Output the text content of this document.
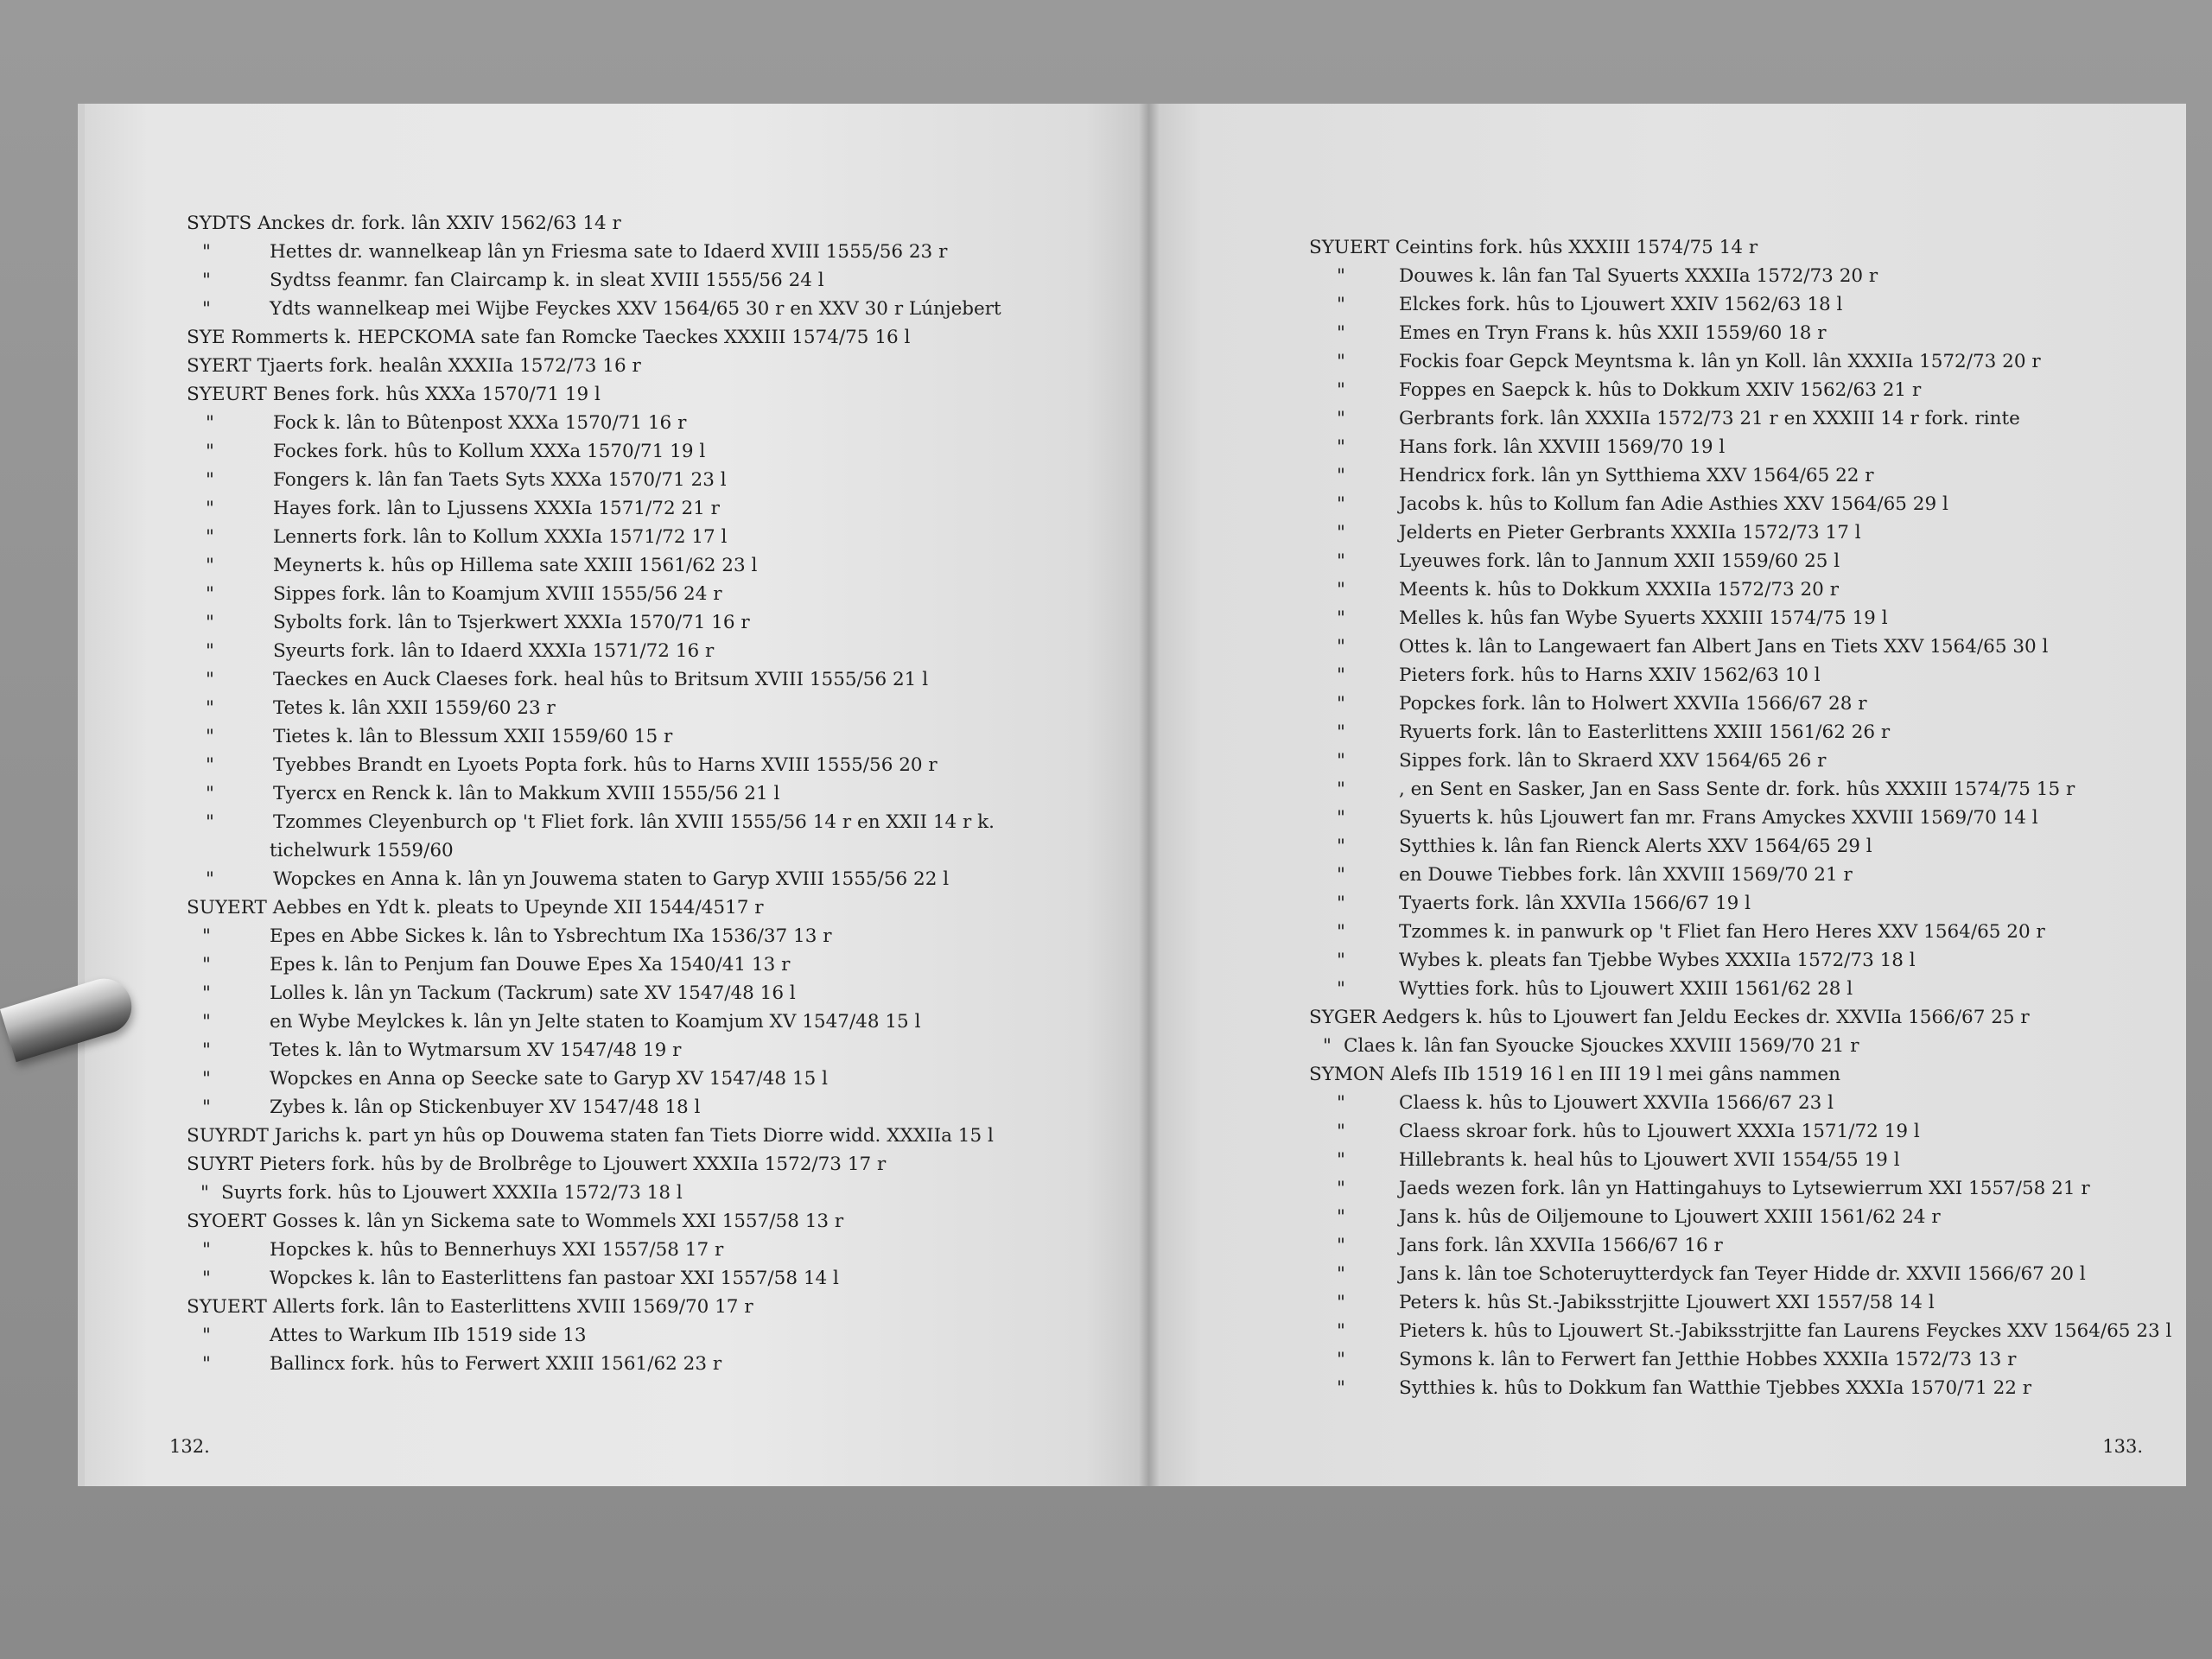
SYDTS Anckes dr. fork. lân XXIV 1562/63 14 r
"	Hettes dr. wannelkeap lân yn Friesma sate to Idaerd XVIII 1555/56 23 r
"	Sydtss feanmr. fan Claircamp k. in sleat XVIII 1555/56 24 l
"	Ydts wannelkeap mei Wijbe Feyckes XXV 1564/65 30 r en XXV 30 r Lúnjebert
SYE Rommerts k. HEPCKOMA sate fan Romcke Taeckes XXXIII 1574/75 16 l
SYERT Tjaerts fork. healân XXXIIa 1572/73 16 r
SYEURT Benes fork. hûs XXXa 1570/71 19 l
"	Fock k. lân to Bûtenpost XXXa 1570/71 16 r
"	Fockes fork. hûs to Kollum XXXa 1570/71 19 l
"	Fongers k. lân fan Taets Syts XXXa 1570/71 23 l
"	Hayes fork. lân to Ljussens XXXIa 1571/72 21 r
"	Lennerts fork. lân to Kollum XXXIa 1571/72 17 l
"	Meynerts k. hûs op Hillema sate XXIII 1561/62 23 l
"	Sippes fork. lân to Koamjum XVIII 1555/56 24 r
"	Sybolts fork. lân to Tsjerkwert XXXIa 1570/71 16 r
"	Syeurts fork. lân to Idaerd XXXIa 1571/72 16 r
"	Taeckes en Auck Claeses fork. heal hûs to Britsum XVIII 1555/56 21 l
"	Tetes k. lân XXII 1559/60 23 r
"	Tietes k. lân to Blessum XXII 1559/60 15 r
"	Tyebbes Brandt en Lyoets Popta fork. hûs to Harns XVIII 1555/56 20 r
"	Tyercx en Renck k. lân to Makkum XVIII 1555/56 21 l
"	Tzommes Cleyenburch op 't Fliet fork. lân XVIII 1555/56 14 r en XXII 14 r k.
tichelwurk 1559/60
"	Wopckes en Anna k. lân yn Jouwema staten to Garyp XVIII 1555/56 22 l
SUYERT Aebbes en Ydt k. pleats to Upeynde XII 1544/4517 r
"	Epes en Abbe Sickes k. lân to Ysbrechtum IXa 1536/37 13 r
"	Epes k. lân to Penjum fan Douwe Epes Xa 1540/41 13 r
"	Lolles k. lân yn Tackum (Tackrum) sate XV 1547/48 16 l
"	en Wybe Meylckes k. lân yn Jelte staten to Koamjum XV 1547/48 15 l
"	Tetes k. lân to Wytmarsum XV 1547/48 19 r
"	Wopckes en Anna op Seecke sate to Garyp XV 1547/48 15 l
"	Zybes k. lân op Stickenbuyer XV 1547/48 18 l
SUYRDT Jarichs k. part yn hûs op Douwema staten fan Tiets Diorre widd. XXXIIa 15 l
SUYRT Pieters fork. hûs by de Brolbrêge to Ljouwert XXXIIa 1572/73 17 r
" Suyrts fork. hûs to Ljouwert XXXIIa 1572/73 18 l
SYOERT Gosses k. lân yn Sickema sate to Wommels XXI 1557/58 13 r
"	Hopckes k. hûs to Bennerhuys XXI 1557/58 17 r
"	Wopckes k. lân to Easterlittens fan pastoar XXI 1557/58 14 l
SYUERT Allerts fork. lân to Easterlittens XVIII 1569/70 17 r
"	Attes to Warkum IIb 1519 side 13
"	Ballincx fork. hûs to Ferwert XXIII 1561/62 23 r
132.
SYUERT Ceintins fork. hûs XXXIII 1574/75 14 r
"	Douwes k. lân fan Tal Syuerts XXXIIa 1572/73 20 r
"	Elckes fork. hûs to Ljouwert XXIV 1562/63 18 l
"	Emes en Tryn Frans k. hûs XXII 1559/60 18 r
"	Fockis foar Gepck Meyntsma k. lân yn Koll. lân XXXIIa 1572/73 20 r
"	Foppes en Saepck k. hûs to Dokkum XXIV 1562/63 21 r
"	Gerbrants fork. lân XXXIIa 1572/73 21 r en XXXIII 14 r fork. rinte
"	Hans fork. lân XXVIII 1569/70 19 l
"	Hendricx fork. lân yn Sytthiema XXV 1564/65 22 r
"	Jacobs k. hûs to Kollum fan Adie Asthies XXV 1564/65 29 l
"	Jelderts en Pieter Gerbrants XXXIIa 1572/73 17 l
"	Lyeuwes fork. lân to Jannum XXII 1559/60 25 l
"	Meents k. hûs to Dokkum XXXIIa 1572/73 20 r
"	Melles k. hûs fan Wybe Syuerts XXXIII 1574/75 19 l
"	Ottes k. lân to Langewaert fan Albert Jans en Tiets XXV 1564/65 30 l
"	Pieters fork. hûs to Harns XXIV 1562/63 10 l
"	Popckes fork. lân to Holwert XXVIIa 1566/67 28 r
"	Ryuerts fork. lân to Easterlittens XXIII 1561/62 26 r
"	Sippes fork. lân to Skraerd XXV 1564/65 26 r
"	, en Sent en Sasker, Jan en Sass Sente dr. fork. hûs XXXIII 1574/75 15 r
"	Syuerts k. hûs Ljouwert fan mr. Frans Amyckes XXVIII 1569/70 14 l
"	Sytthies k. lân fan Rienck Alerts XXV 1564/65 29 l
"	en Douwe Tiebbes fork. lân XXVIII 1569/70 21 r
"	Tyaerts fork. lân XXVIIa 1566/67 19 l
"	Tzommes k. in panwurk op 't Fliet fan Hero Heres XXV 1564/65 20 r
"	Wybes k. pleats fan Tjebbe Wybes XXXIIa 1572/73 18 l
"	Wytties fork. hûs to Ljouwert XXIII 1561/62 28 l
SYGER Aedgers k. hûs to Ljouwert fan Jeldu Eeckes dr. XXVIIa 1566/67 25 r
" Claes k. lân fan Syoucke Sjouckes XXVIII 1569/70 21 r
SYMON Alefs IIb 1519 16 l en III 19 l mei gâns nammen
"	Claess k. hûs to Ljouwert XXVIIa 1566/67 23 l
"	Claess skroar fork. hûs to Ljouwert XXXIa 1571/72 19 l
"	Hillebrants k. heal hûs to Ljouwert XVII 1554/55 19 l
"	Jaeds wezen fork. lân yn Hattingahuys to Lytsewierrum XXI 1557/58 21 r
"	Jans k. hûs de Oiljemoune to Ljouwert XXIII 1561/62 24 r
"	Jans fork. lân XXVIIa 1566/67 16 r
"	Jans k. lân toe Schoteruytterdyck fan Teyer Hidde dr. XXVII 1566/67 20 l
"	Peters k. hûs St.-Jabiksstrjitte Ljouwert XXI 1557/58 14 l
"	Pieters k. hûs to Ljouwert St.-Jabiksstrjitte fan Laurens Feyckes XXV 1564/65 23 l
"	Symons k. lân to Ferwert fan Jetthie Hobbes XXXIIa 1572/73 13 r
"	Sytthies k. hûs to Dokkum fan Watthie Tjebbes XXXIa 1570/71 22 r
133.
